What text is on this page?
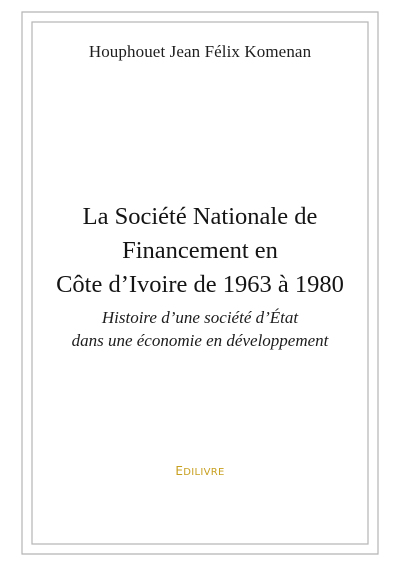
Houphouet Jean Félix Komenan
La Société Nationale de
Financement en
Côte d’Ivoire de 1963 à 1980
Histoire d’une société d’État
dans une économie en développement
EDILIVRE
